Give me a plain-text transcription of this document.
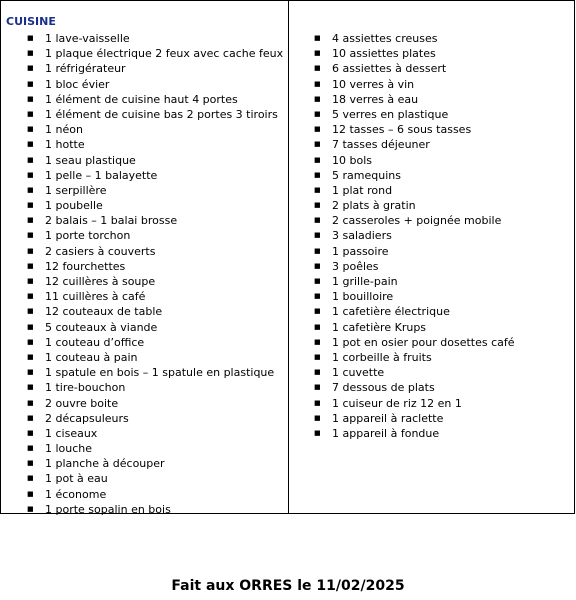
CUISINE
■ 1 lave-vaisselle
■ 1 plaque électrique 2 feux avec cache feux
■ 1 réfrigérateur
■ 1 bloc évier
■ 1 élément de cuisine haut 4 portes
■ 1 élément de cuisine bas 2 portes 3 tiroirs
■ 1 néon
■ 1 hotte
■ 1 seau plastique
■ 1 pelle – 1 balayette
■ 1 serpillère
■ 1 poubelle
■ 2 balais – 1 balai brosse
■ 1 porte torchon
■ 2 casiers à couverts
■ 12 fourchettes
■ 12 cuillères à soupe
■ 11 cuillères à café
■ 12 couteaux de table
■ 5 couteaux à viande
■ 1 couteau d’office
■ 1 couteau à pain
■ 1 spatule en bois – 1 spatule en plastique
■ 1 tire-bouchon
■ 2 ouvre boite
■ 2 décapsuleurs
■ 1 ciseaux
■ 1 louche
■ 1 planche à découper
■ 1 pot à eau
■ 1 économe
■ 1 porte sopalin en bois
■ 4 assiettes creuses
■ 10 assiettes plates
■ 6 assiettes à dessert
■ 10 verres à vin
■ 18 verres à eau
■ 5 verres en plastique
■ 12 tasses – 6 sous tasses
■ 7 tasses déjeuner
■ 10 bols
■ 5 ramequins
■ 1 plat rond
■ 2 plats à gratin
■ 2 casseroles + poignée mobile
■ 3 saladiers
■ 1 passoire
■ 3 poêles
■ 1 grille-pain
■ 1 bouilloire
■ 1 cafetière électrique
■ 1 cafetière Krups
■ 1 pot en osier pour dosettes café
■ 1 corbeille à fruits
■ 1 cuvette
■ 7 dessous de plats
■ 1 cuiseur de riz 12 en 1
■ 1 appareil à raclette
■ 1 appareil à fondue
Fait aux ORRES le 11/02/2025
